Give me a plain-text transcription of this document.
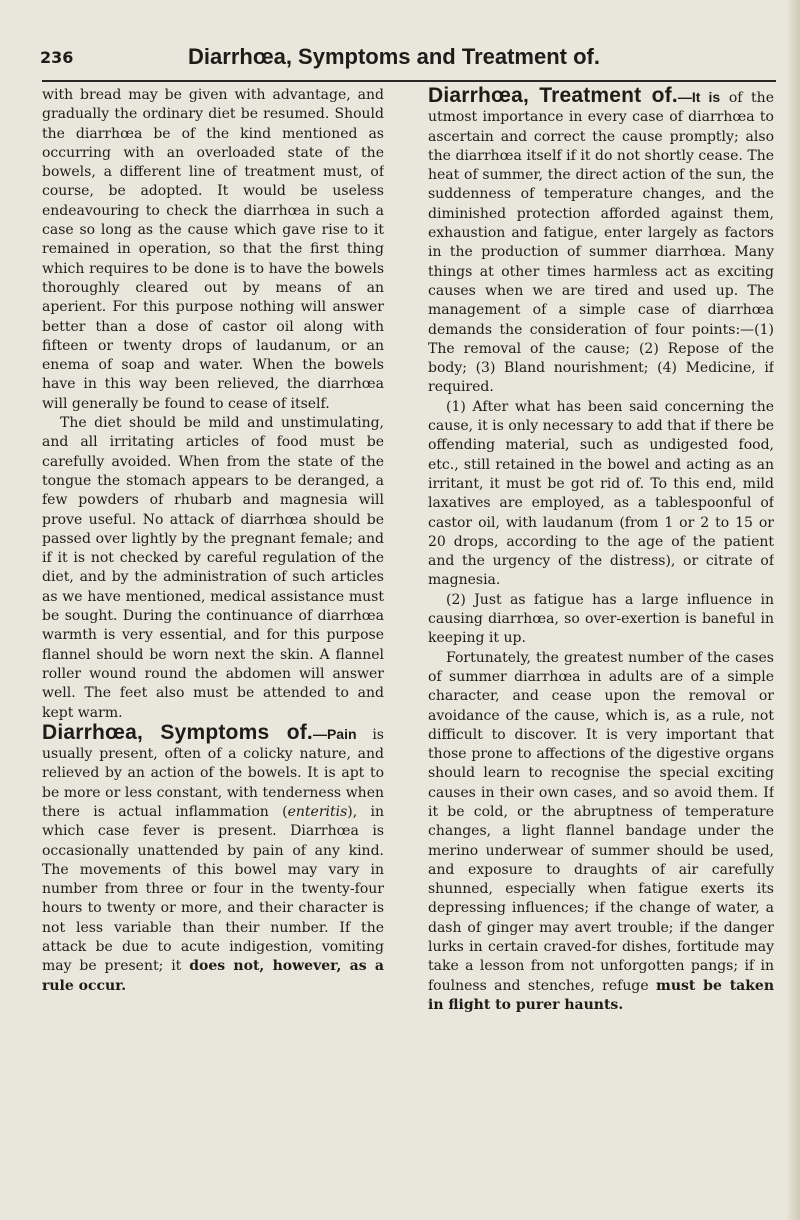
236	Diarrhœa, Symptoms and Treatment of.

with bread may be given with advantage, and gradually the ordinary diet be resumed. Should the diarrhœa be of the kind mentioned as occurring with an overloaded state of the bowels, a different line of treatment must, of course, be adopted. It would be useless endeavouring to check the diarrhœa in such a case so long as the cause which gave rise to it remained in operation, so that the first thing which requires to be done is to have the bowels thoroughly cleared out by means of an aperient. For this purpose nothing will answer better than a dose of castor oil along with fifteen or twenty drops of laudanum, or an enema of soap and water. When the bowels have in this way been relieved, the diarrhœa will generally be found to cease of itself.

The diet should be mild and unstimulating, and all irritating articles of food must be carefully avoided. When from the state of the tongue the stomach appears to be deranged, a few powders of rhubarb and magnesia will prove useful. No attack of diarrhœa should be passed over lightly by the pregnant female; and if it is not checked by careful regulation of the diet, and by the administration of such articles as we have mentioned, medical assistance must be sought. During the continuance of diarrhœa warmth is very essential, and for this purpose flannel should be worn next the skin. A flannel roller wound round the abdomen will answer well. The feet also must be attended to and kept warm.

Diarrhœa, Symptoms of.—Pain is usually present, often of a colicky nature, and relieved by an action of the bowels. It is apt to be more or less constant, with tenderness when there is actual inflammation (enteritis), in which case fever is present. Diarrhœa is occasionally unattended by pain of any kind. The movements of this bowel may vary in number from three or four in the twenty-four hours to twenty or more, and their character is not less variable than their number. If the attack be due to acute indigestion, vomiting may be present; it does not, however, as a rule occur.

Diarrhœa, Treatment of.—It is of the utmost importance in every case of diarrhœa to ascertain and correct the cause promptly; also the diarrhœa itself if it do not shortly cease. The heat of summer, the direct action of the sun, the suddenness of temperature changes, and the diminished protection afforded against them, exhaustion and fatigue, enter largely as factors in the production of summer diarrhœa. Many things at other times harmless act as exciting causes when we are tired and used up. The management of a simple case of diarrhœa demands the consideration of four points:—(1) The removal of the cause; (2) Repose of the body; (3) Bland nourishment; (4) Medicine, if required.

(1) After what has been said concerning the cause, it is only necessary to add that if there be offending material, such as undigested food, etc., still retained in the bowel and acting as an irritant, it must be got rid of. To this end, mild laxatives are employed, as a tablespoonful of castor oil, with laudanum (from 1 or 2 to 15 or 20 drops, according to the age of the patient and the urgency of the distress), or citrate of magnesia.

(2) Just as fatigue has a large influence in causing diarrhœa, so over-exertion is baneful in keeping it up.

Fortunately, the greatest number of the cases of summer diarrhœa in adults are of a simple character, and cease upon the removal or avoidance of the cause, which is, as a rule, not difficult to discover. It is very important that those prone to affections of the digestive organs should learn to recognise the special exciting causes in their own cases, and so avoid them. If it be cold, or the abruptness of temperature changes, a light flannel bandage under the merino underwear of summer should be used, and exposure to draughts of air carefully shunned, especially when fatigue exerts its depressing influences; if the change of water, a dash of ginger may avert trouble; if the danger lurks in certain craved-for dishes, fortitude may take a lesson from not unforgotten pangs; if in foulness and stenches, refuge must be taken in flight to purer haunts.
